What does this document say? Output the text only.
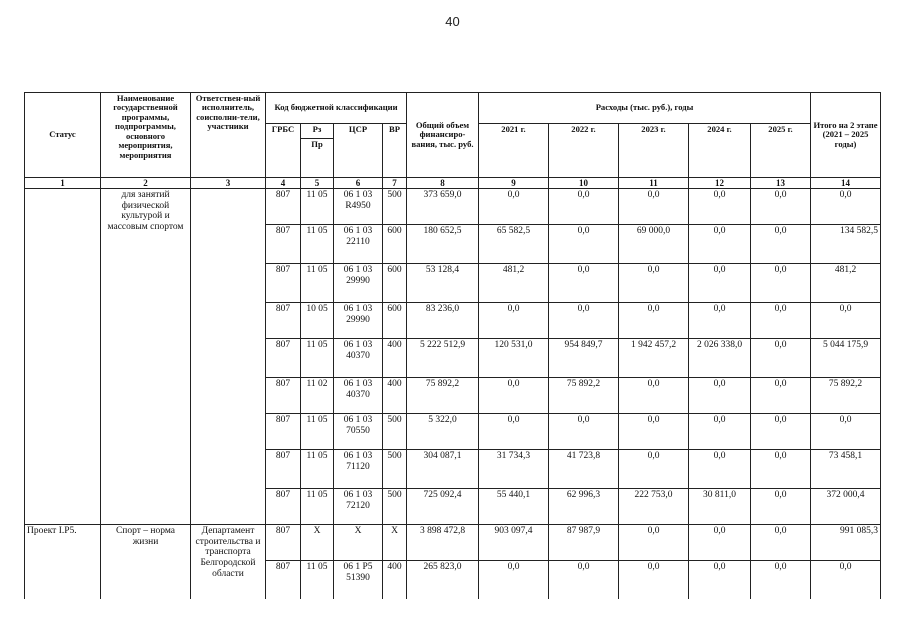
40
Статус	Наименование государственной программы, подпрограммы, основного мероприятия, мероприятия	Ответствен-ный исполнитель, соисполни-тели, участники	Код бюджетной классификации				Общий объем финансиро-вания, тыс. руб.	Расходы (тыс. руб.), годы					Итого на 2 этапе (2021 – 2025 годы)
			ГРБС	Рз	ЦСР	ВР		2021 г.	2022 г.	2023 г.	2024 г.	2025 г.	
				Пр									
1	2	3	4	5	6	7	8	9	10	11	12	13	14
	для занятий физической культурой и массовым спортом		807	11 05	06 1 03 R4950	500	373 659,0	0,0	0,0	0,0	0,0	0,0	0,0
			807	11 05	06 1 03 22110	600	180 652,5	65 582,5	0,0	69 000,0	0,0	0,0	134 582,5
			807	11 05	06 1 03 29990	600	53 128,4	481,2	0,0	0,0	0,0	0,0	481,2
			807	10 05	06 1 03 29990	600	83 236,0	0,0	0,0	0,0	0,0	0,0	0,0
			807	11 05	06 1 03 40370	400	5 222 512,9	120 531,0	954 849,7	1 942 457,2	2 026 338,0	0,0	5 044 175,9
			807	11 02	06 1 03 40370	400	75 892,2	0,0	75 892,2	0,0	0,0	0,0	75 892,2
			807	11 05	06 1 03 70550	500	5 322,0	0,0	0,0	0,0	0,0	0,0	0,0
			807	11 05	06 1 03 71120	500	304 087,1	31 734,3	41 723,8	0,0	0,0	0,0	73 458,1
			807	11 05	06 1 03 72120	500	725 092,4	55 440,1	62 996,3	222 753,0	30 811,0	0,0	372 000,4
Проект I.P5.	Спорт – норма жизни	Департамент строительства и транспорта Белгородской области	807	X	X	X	3 898 472,8	903 097,4	87 987,9	0,0	0,0	0,0	991 085,3
			807	11 05	06 1 P5 51390	400	265 823,0	0,0	0,0	0,0	0,0	0,0	0,0
